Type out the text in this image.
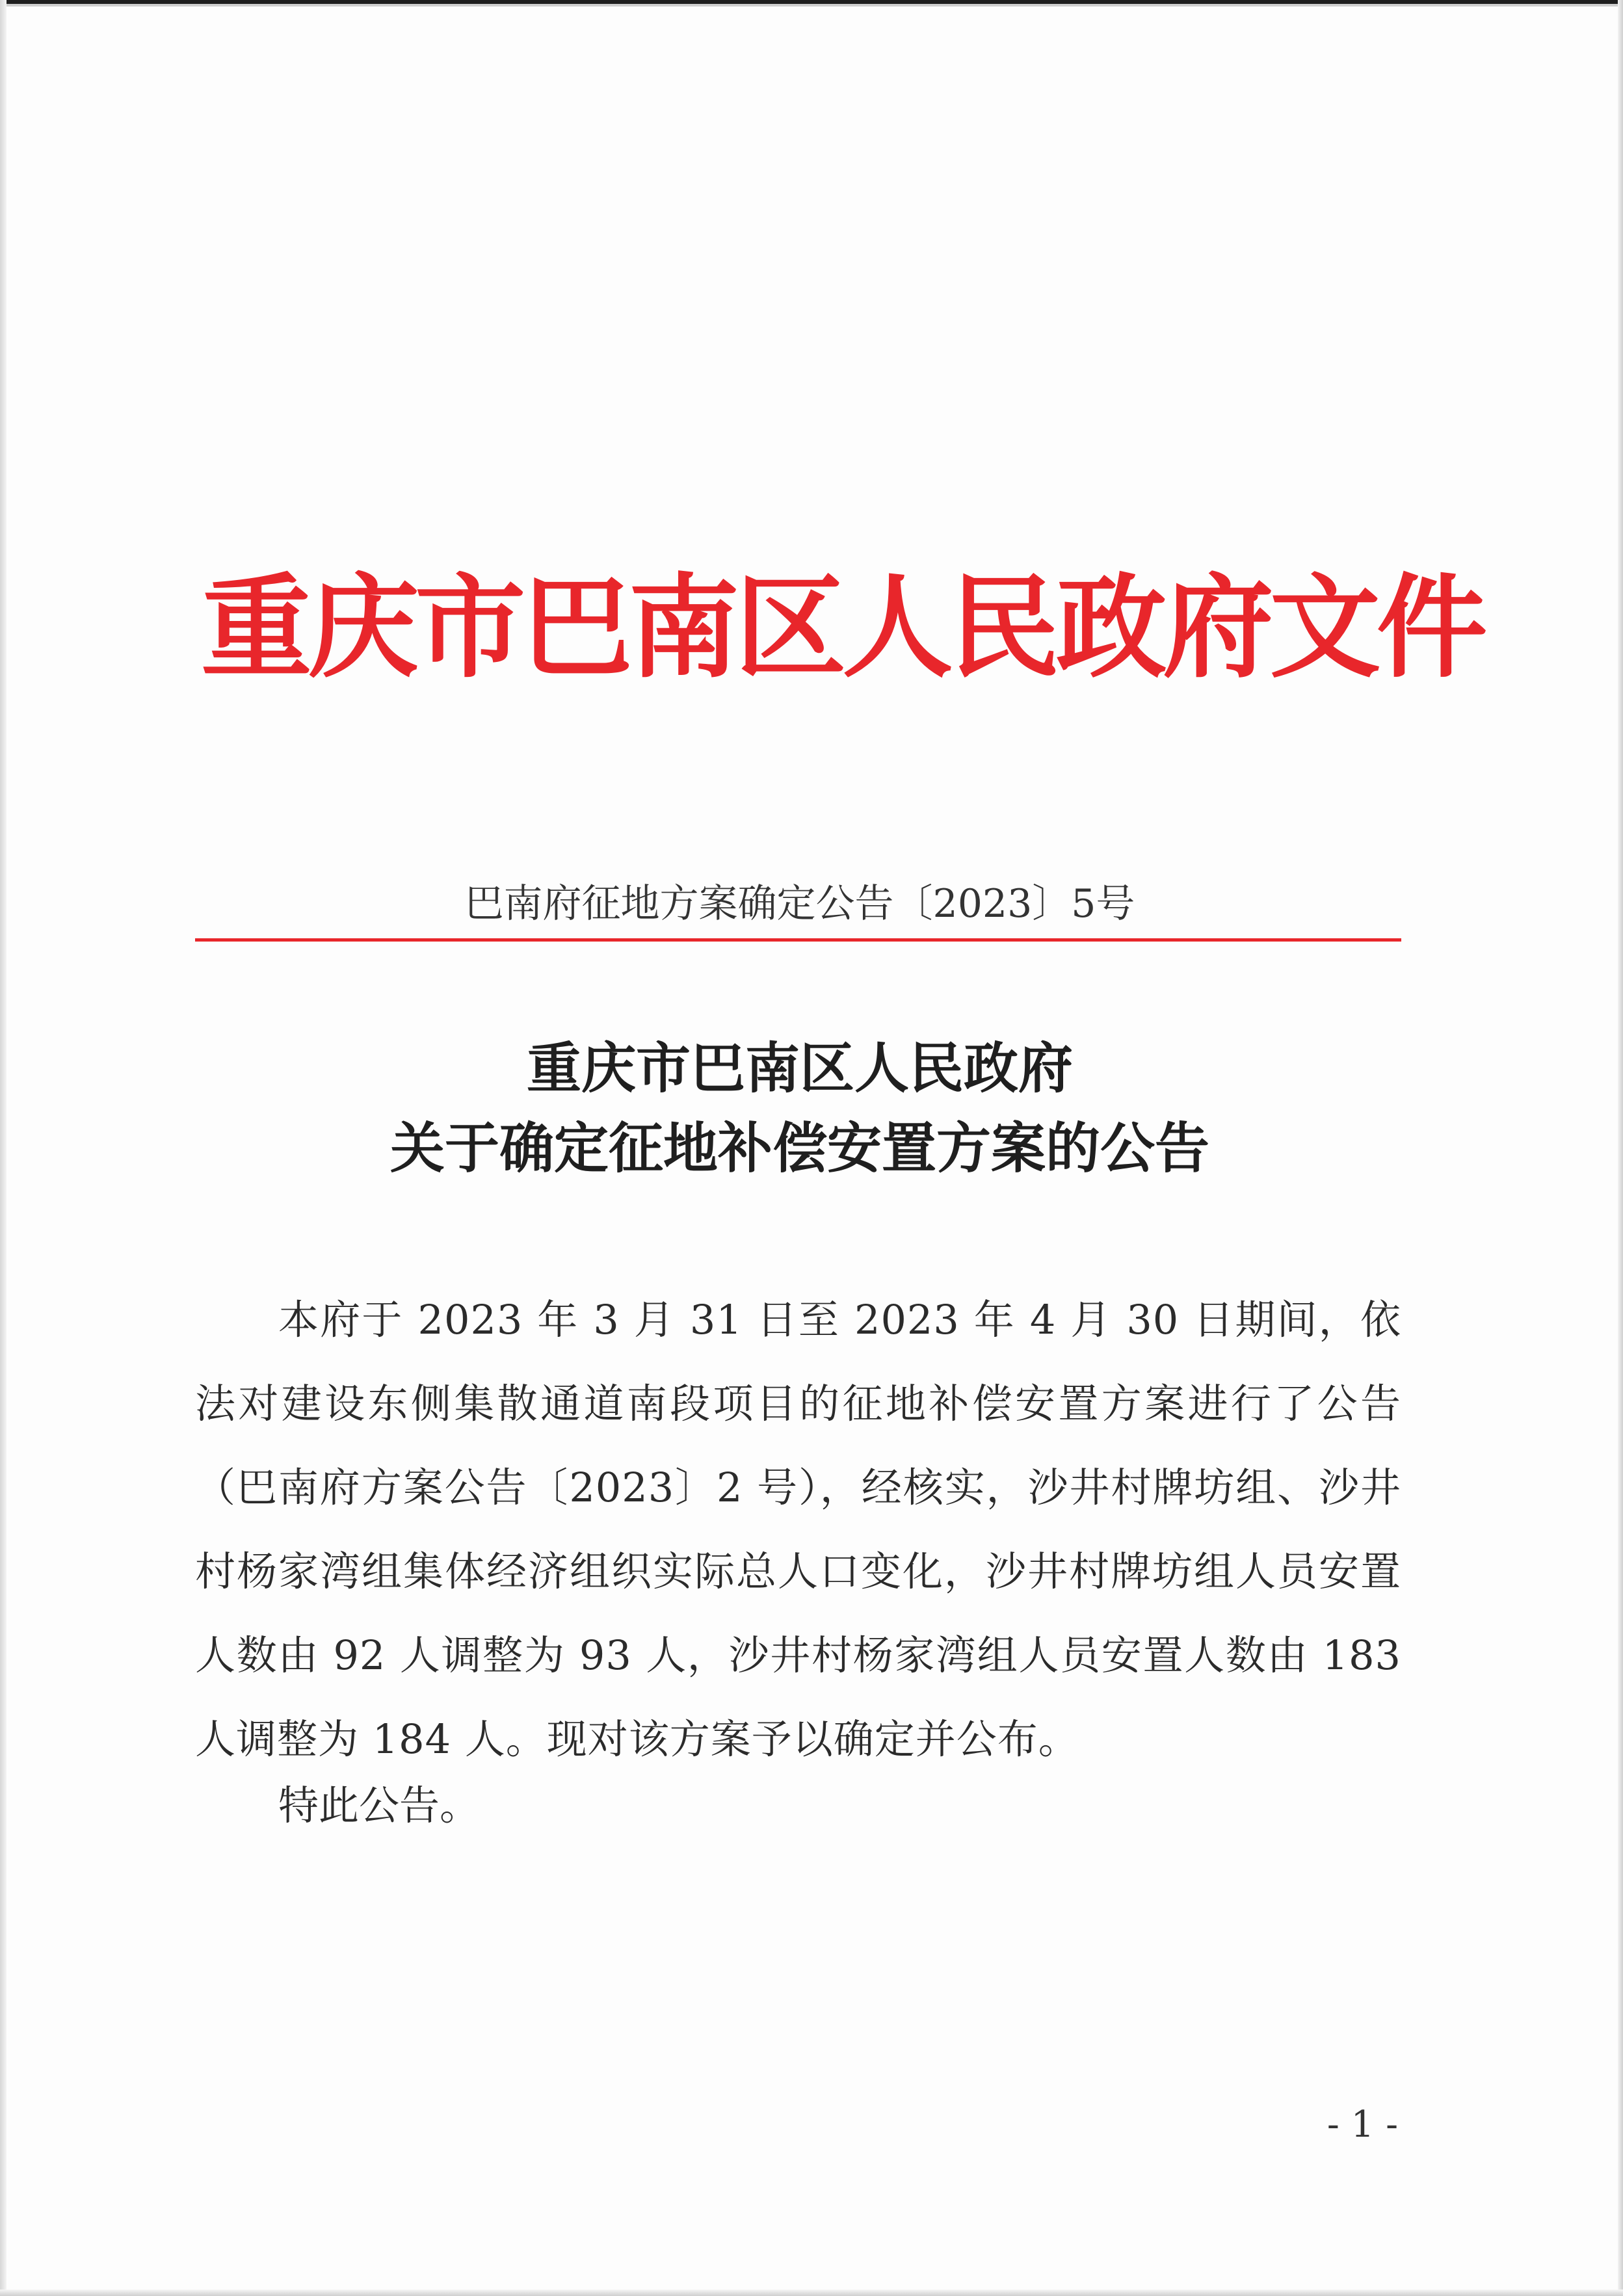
重庆市巴南区人民政府文件
巴南府征地方案确定公告〔2023〕5号
重庆市巴南区人民政府
关于确定征地补偿安置方案的公告
本府于 2023 年 3 月 31 日至 2023 年 4 月 30 日期间，依法对建设东侧集散通道南段项目的征地补偿安置方案进行了公告（巴南府方案公告〔2023〕2 号），经核实，沙井村牌坊组、沙井村杨家湾组集体经济组织实际总人口变化，沙井村牌坊组人员安置人数由 92 人调整为 93 人，沙井村杨家湾组人员安置人数由 183 人调整为 184 人。现对该方案予以确定并公布。
特此公告。
- 1 -
